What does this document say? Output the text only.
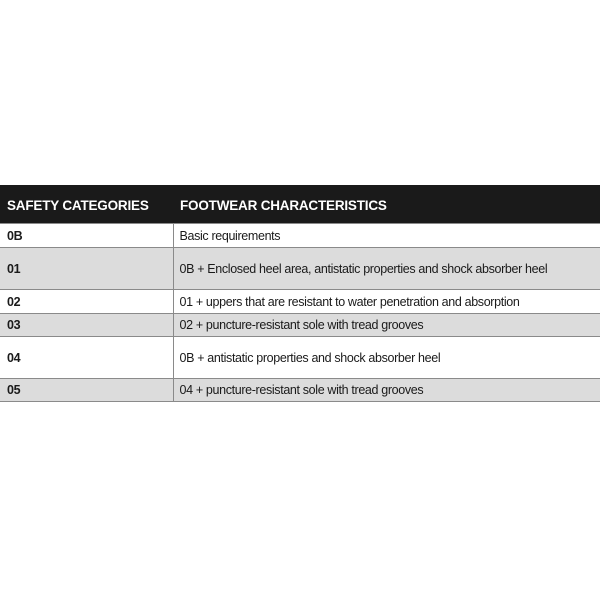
SAFETY CATEGORIES	FOOTWEAR CHARACTERISTICS
0B	Basic requirements
01	0B + Enclosed heel area, antistatic properties and shock absorber heel
02	01 + uppers that are resistant to water penetration and absorption
03	02 + puncture-resistant sole with tread grooves
04	0B + antistatic properties and shock absorber heel
05	04 + puncture-resistant sole with tread grooves
